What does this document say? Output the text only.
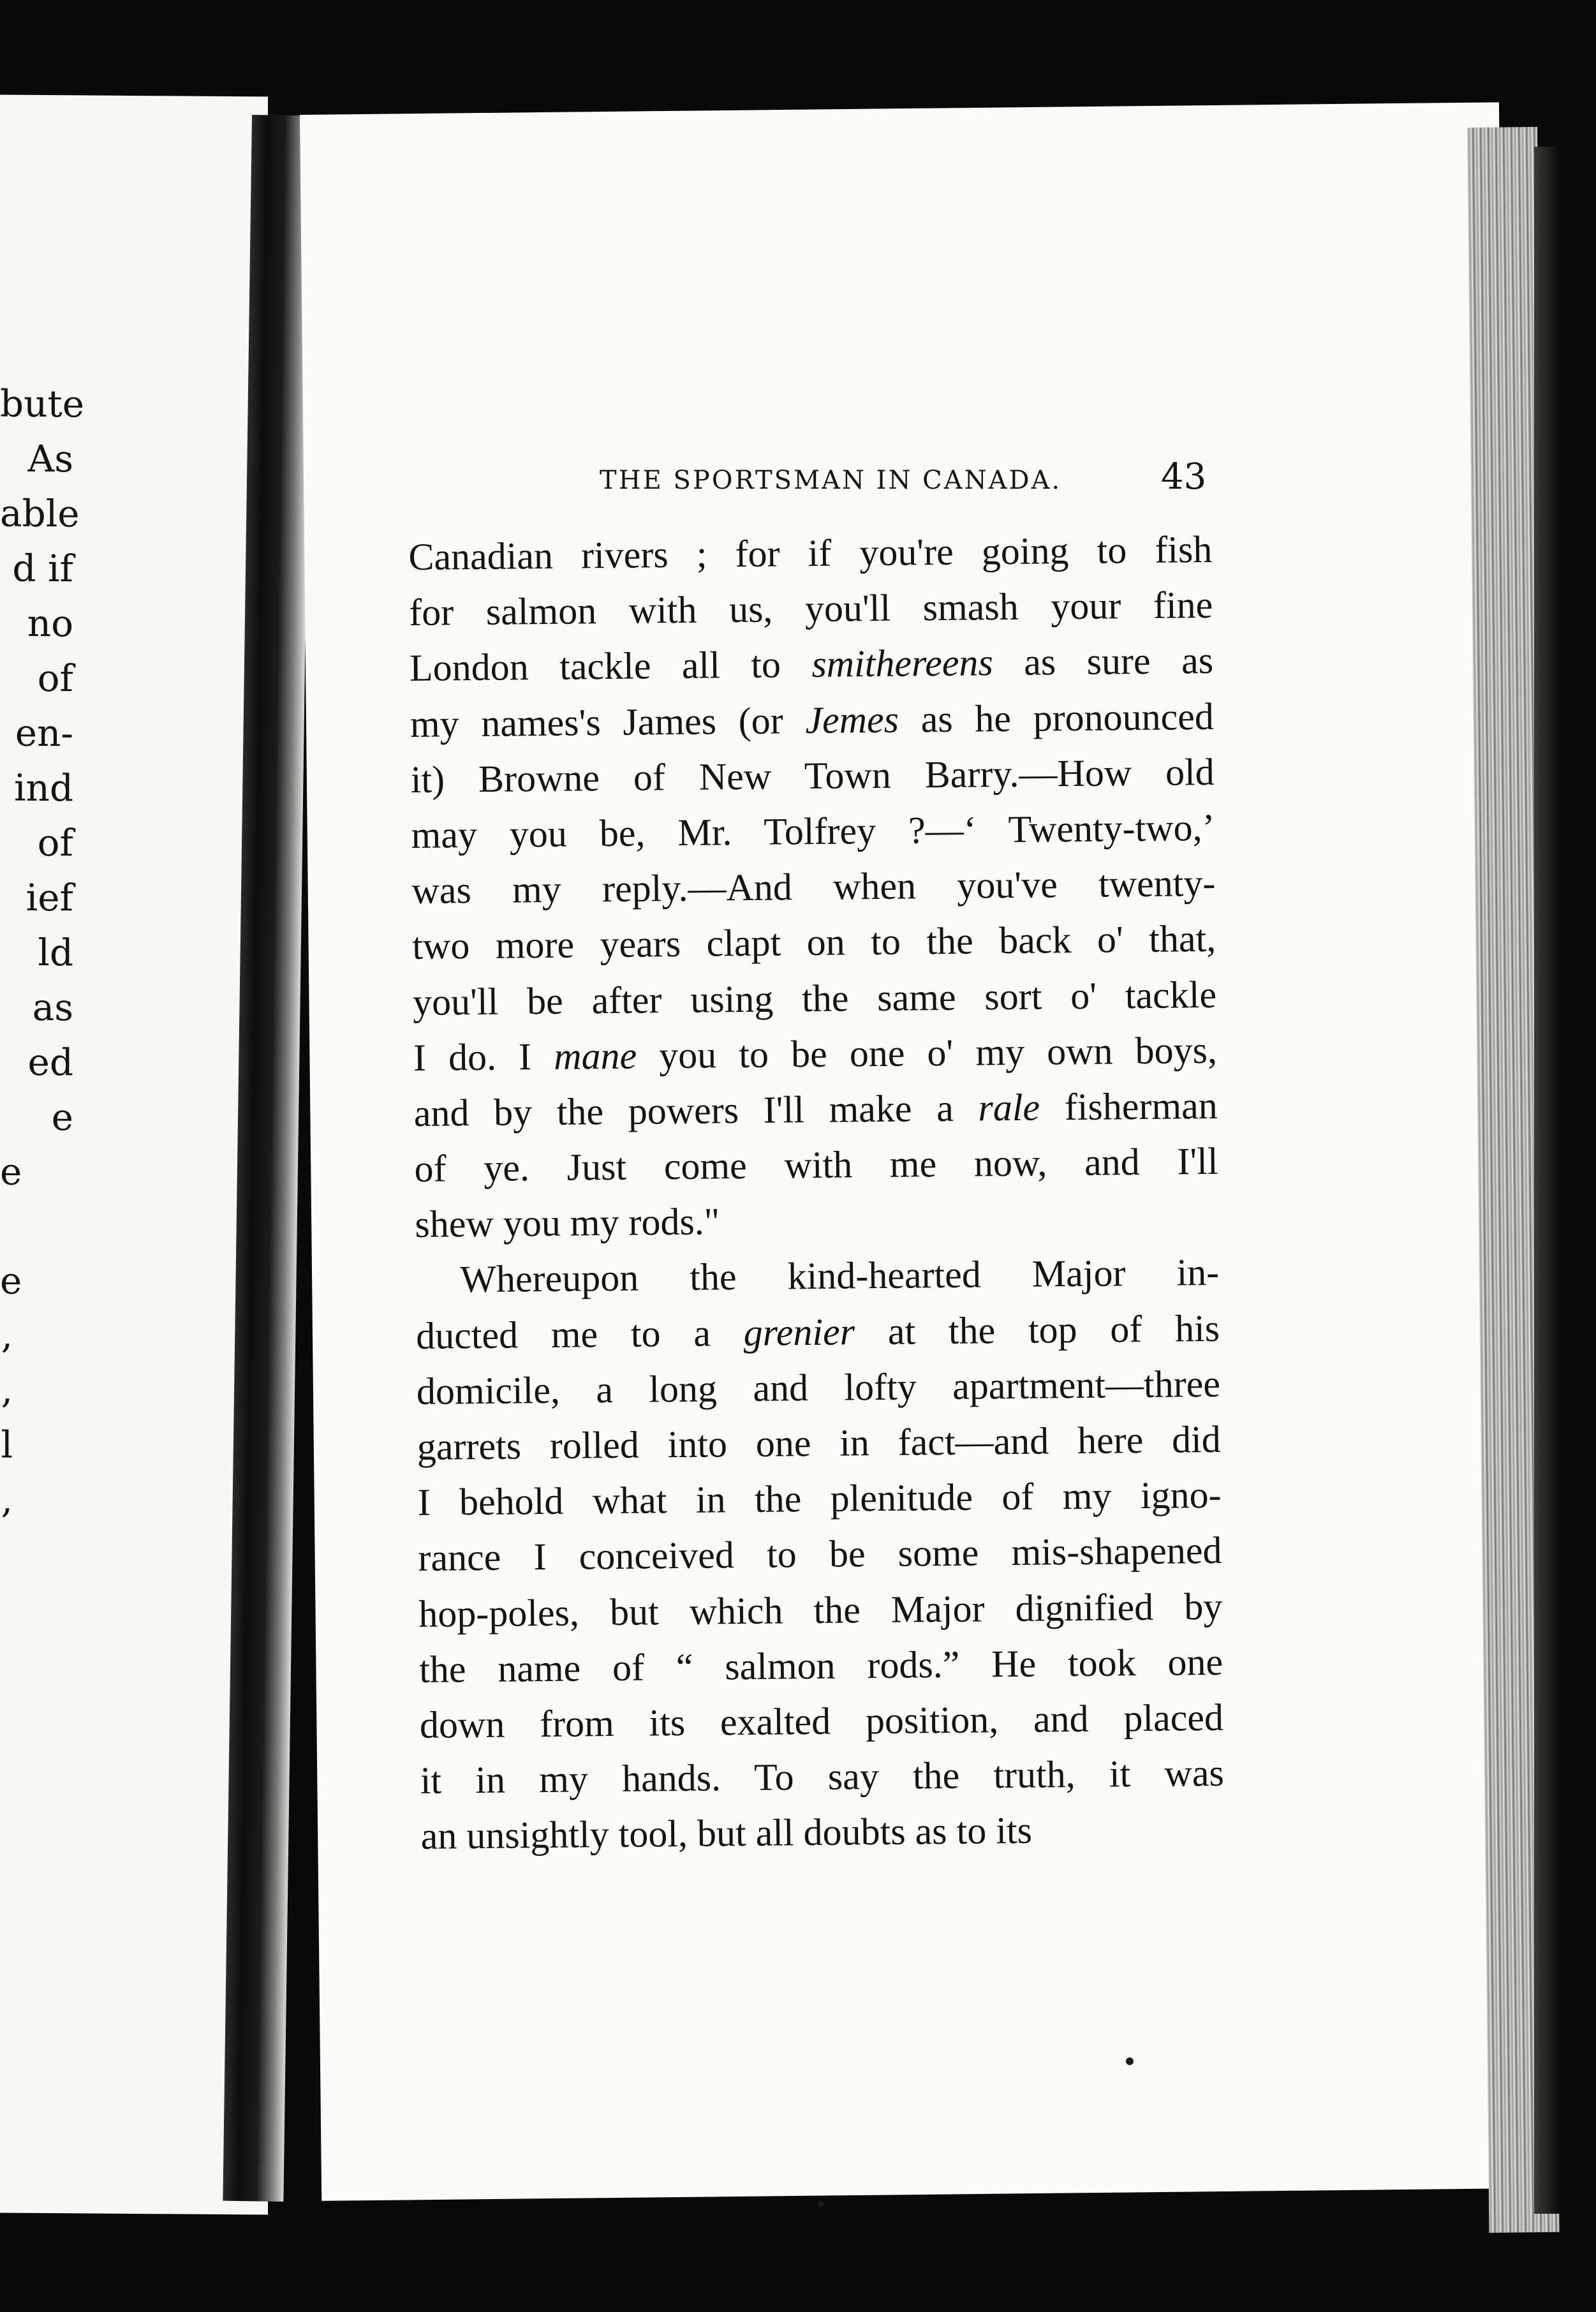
bute
As
able
d if
no
of
en-
ind
of
ief
ld
as
ed
e
e
e
,
,
l
,
THE SPORTSMAN IN CANADA.	43
Canadian rivers ; for if you're going to fish
for salmon with us, you'll smash your fine
London tackle all to smithereens as sure as
my names's James (or Jemes as he pronounced
it) Browne of New Town Barry.—How old
may you be, Mr. Tolfrey ?—‘ Twenty-two,’
was my reply.—And when you've twenty-
two more years clapt on to the back o' that,
you'll be after using the same sort o' tackle
I do. I mane you to be one o' my own boys,
and by the powers I'll make a rale fisherman
of ye. Just come with me now, and I'll
shew you my rods."
Whereupon the kind-hearted Major in-
ducted me to a grenier at the top of his
domicile, a long and lofty apartment—three
garrets rolled into one in fact—and here did
I behold what in the plenitude of my igno-
rance I conceived to be some mis-shapened
hop-poles, but which the Major dignified by
the name of “ salmon rods.” He took one
down from its exalted position, and placed
it in my hands. To say the truth, it was
an unsightly tool, but all doubts as to its
